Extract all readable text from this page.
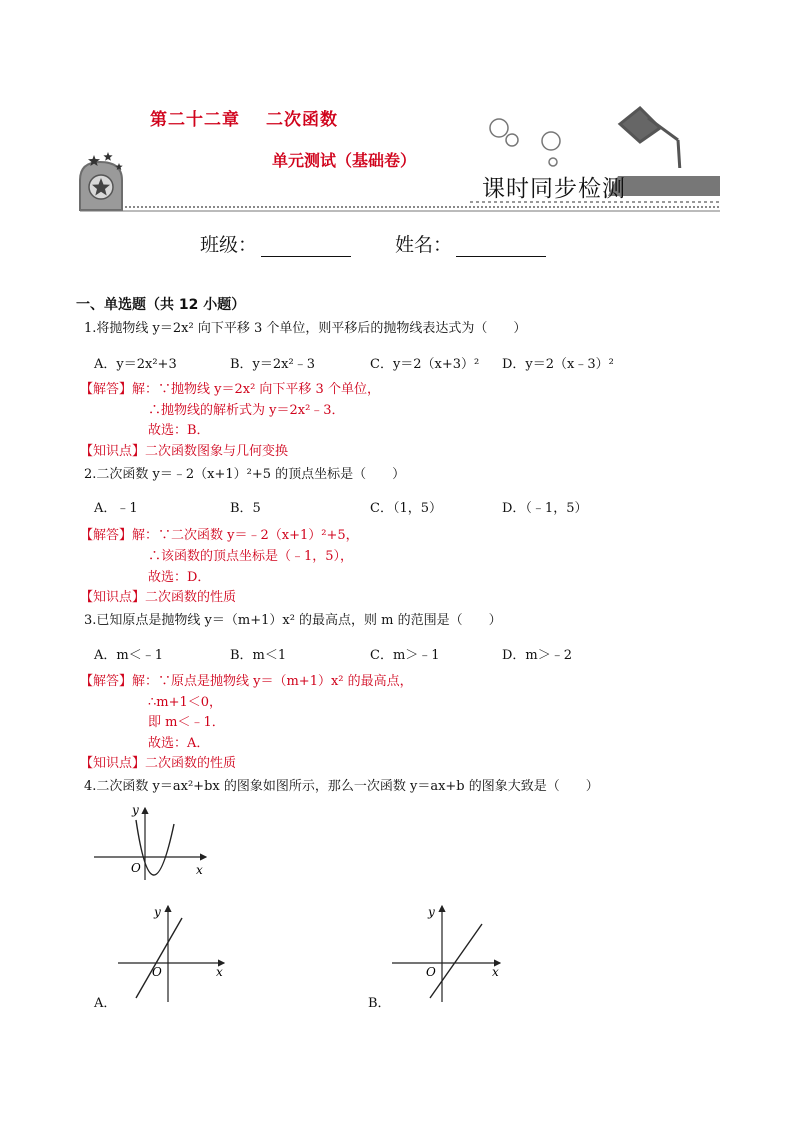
第二十二章 二次函数
单元测试（基础卷）
课时同步检测
班级：	姓名：
一、单选题（共 12 小题）
1.将抛物线 y＝2x² 向下平移 3 个单位，则平移后的抛物线表达式为（　　）
A．y＝2x²+3	B．y＝2x²﹣3	C．y＝2（x+3）² D．y＝2（x﹣3）²
【解答】解：∵抛物线 y＝2x² 向下平移 3 个单位，
∴抛物线的解析式为 y＝2x²﹣3．
故选：B．
【知识点】二次函数图象与几何变换
2.二次函数 y＝﹣2（x+1）²+5 的顶点坐标是（　　）
A．﹣1	B．5	C．（1，5）	D．（﹣1，5）
【解答】解：∵二次函数 y＝﹣2（x+1）²+5，
∴该函数的顶点坐标是（﹣1，5），
故选：D．
【知识点】二次函数的性质
3.已知原点是抛物线 y＝（m+1）x² 的最高点，则 m 的范围是（　　）
A．m＜﹣1	B．m＜1	C．m＞﹣1	D．m＞﹣2
【解答】解：∵原点是抛物线 y＝（m+1）x² 的最高点，
∴m+1＜0，
即 m＜﹣1．
故选：A．
【知识点】二次函数的性质
4.二次函数 y＝ax²+bx 的图象如图所示，那么一次函数 y＝ax+b 的图象大致是（　　）
y
x
O
y
x
O
A．
y
x
O
B．
